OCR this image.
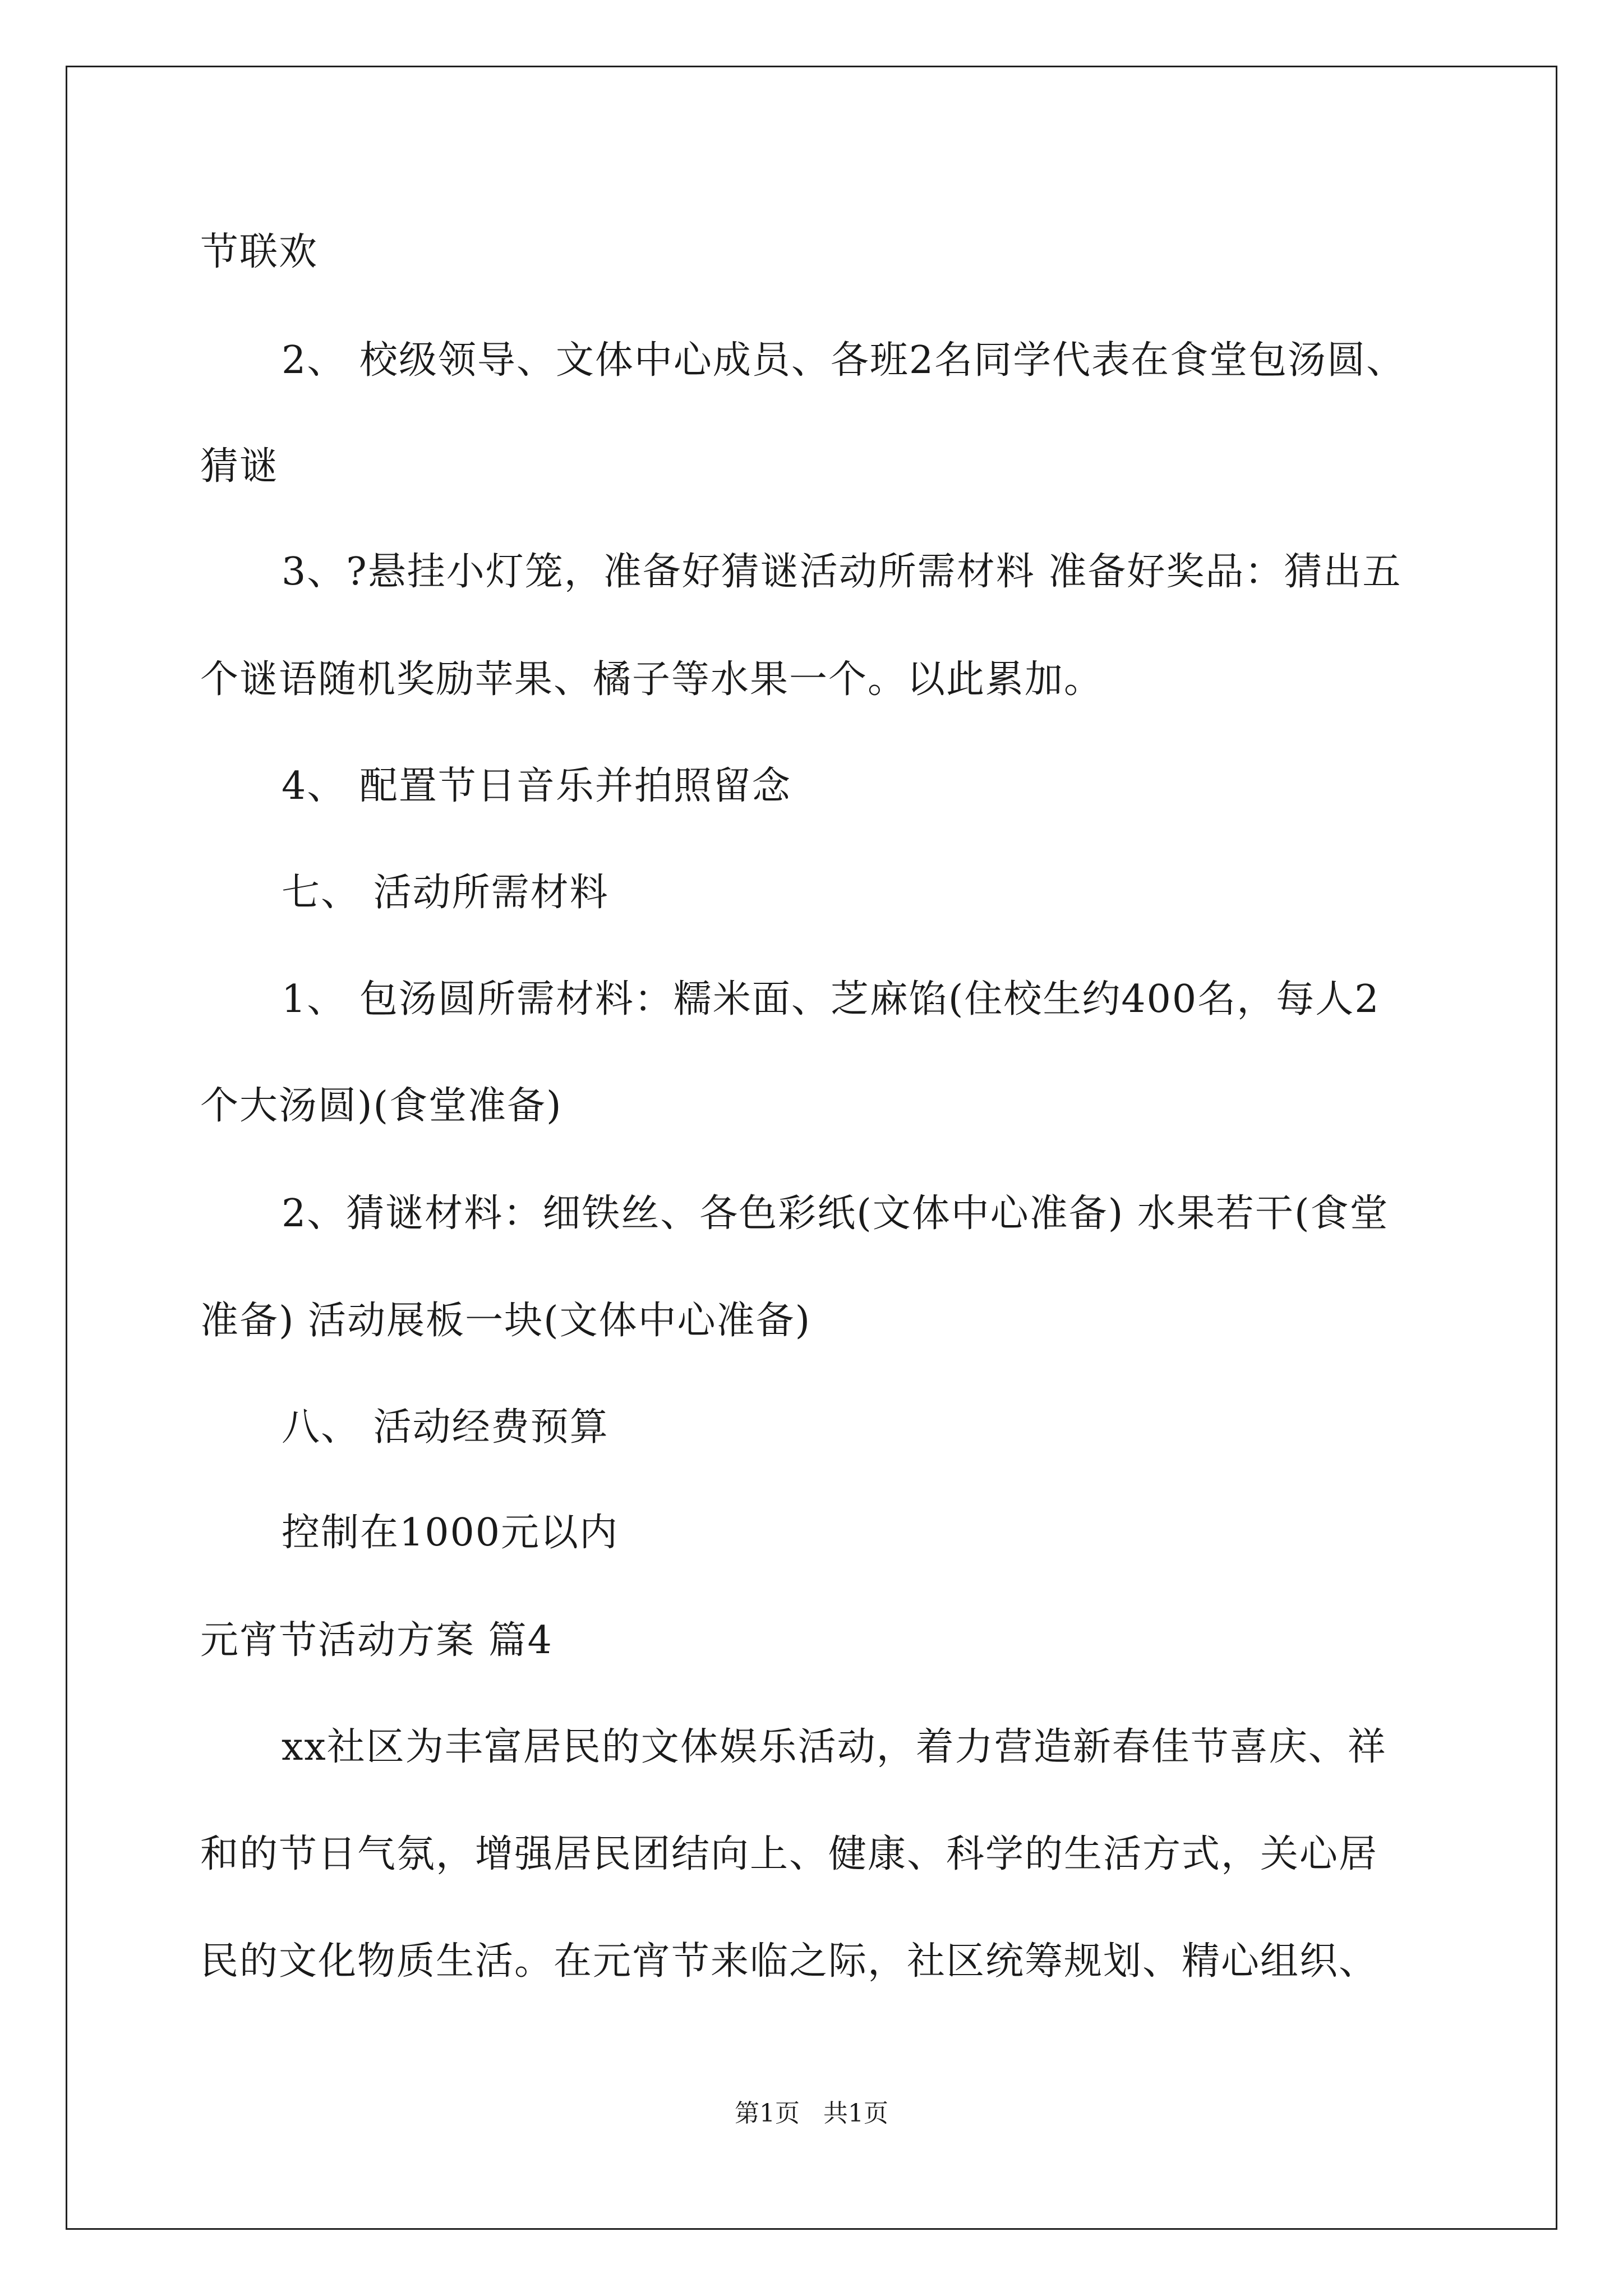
节联欢
2、 校级领导、文体中心成员、各班2名同学代表在食堂包汤圆、
猜谜
3、?悬挂小灯笼，准备好猜谜活动所需材料 准备好奖品：猜出五
个谜语随机奖励苹果、橘子等水果一个。以此累加。
4、 配置节日音乐并拍照留念
七、 活动所需材料
1、 包汤圆所需材料：糯米面、芝麻馅(住校生约400名，每人2
个大汤圆)(食堂准备)
2、猜谜材料：细铁丝、各色彩纸(文体中心准备) 水果若干(食堂
准备) 活动展板一块(文体中心准备)
八、 活动经费预算
控制在1000元以内
元宵节活动方案 篇4
xx社区为丰富居民的文体娱乐活动，着力营造新春佳节喜庆、祥
和的节日气氛，增强居民团结向上、健康、科学的生活方式，关心居
民的文化物质生活。在元宵节来临之际，社区统筹规划、精心组织、
第1页   共1页
